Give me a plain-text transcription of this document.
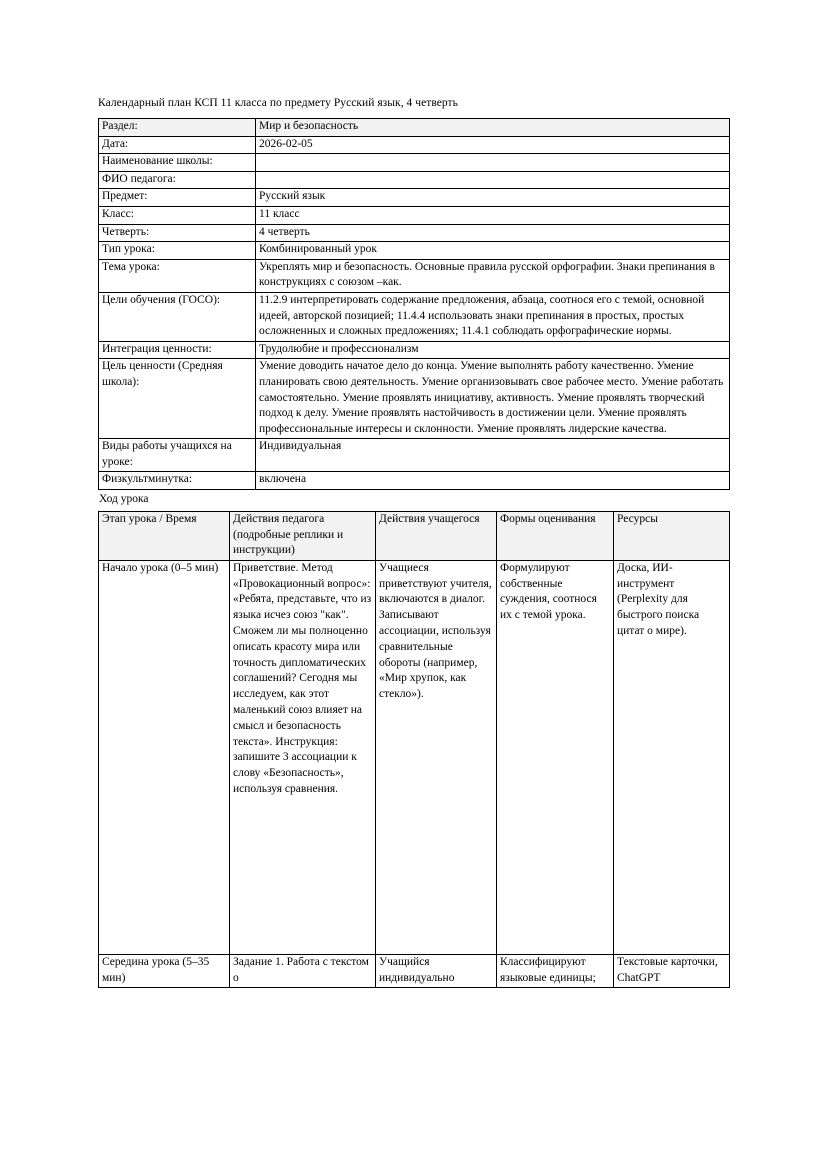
Календарный план КСП 11 класса по предмету Русский язык, 4 четверть
Раздел:	Мир и безопасность
Дата:	2026-02-05
Наименование школы:	
ФИО педагога:	
Предмет:	Русский язык
Класс:	11 класс
Четверть:	4 четверть
Тип урока:	Комбинированный урок
Тема урока:	Укреплять мир и безопасность. Основные правила русской орфографии. Знаки препинания в конструкциях с союзом –как.
Цели обучения (ГОСО):	11.2.9 интерпретировать содержание предложения, абзаца, соотнося его с темой, основной идеей, авторской позицией; 11.4.4 использовать знаки препинания в простых, простых осложненных и сложных предложениях; 11.4.1 соблюдать орфографические нормы.
Интеграция ценности:	Трудолюбие и профессионализм
Цель ценности (Средняя школа):	Умение доводить начатое дело до конца. Умение выполнять работу качественно. Умение планировать свою деятельность. Умение организовывать свое рабочее место. Умение работать самостоятельно. Умение проявлять инициативу, активность. Умение проявлять творческий подход к делу. Умение проявлять настойчивость в достижении цели. Умение проявлять профессиональные интересы и склонности. Умение проявлять лидерские качества.
Виды работы учащихся на уроке:	Индивидуальная
Физкультминутка:	включена
Ход урока
Этап урока / Время	Действия педагога (подробные реплики и инструкции)	Действия учащегося	Формы оценивания	Ресурсы
Начало урока (0–5 мин)	Приветствие. Метод «Провокационный вопрос»: «Ребята, представьте, что из языка исчез союз "как". Сможем ли мы полноценно описать красоту мира или точность дипломатических соглашений? Сегодня мы исследуем, как этот маленький союз влияет на смысл и безопасность текста». Инструкция: запишите 3 ассоциации к слову «Безопасность», используя сравнения.	Учащиеся приветствуют учителя, включаются в диалог. Записывают ассоциации, используя сравнительные обороты (например, «Мир хрупок, как стекло»).	Формулируют собственные суждения, соотнося их с темой урока.	Доска, ИИ-инструмент (Perplexity для быстрого поиска цитат о мире).
Середина урока (5–35 мин)	Задание 1. Работа с текстом о	Учащийся индивидуально	Классифицируют языковые единицы;	Текстовые карточки, ChatGPT
